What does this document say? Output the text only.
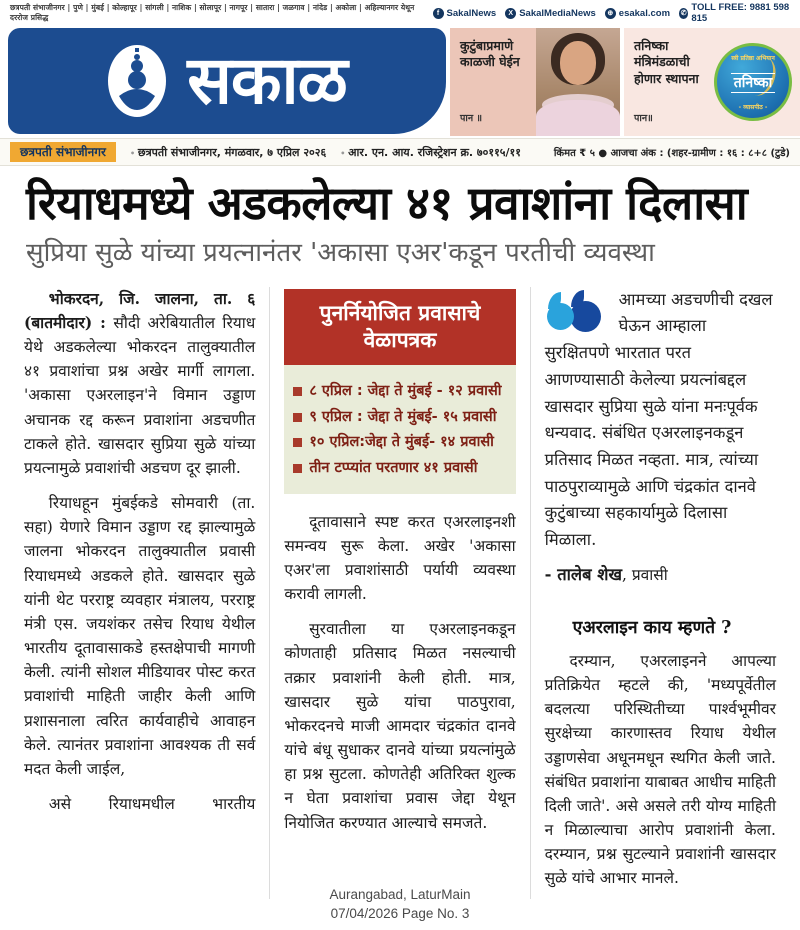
छत्रपती संभाजीनगर | पुणे | मुंबई | कोल्हापूर | सांगली | नाशिक | सोलापूर | नागपूर | सातारा | जळगाव | नांदेड | अकोला | अहिल्यानगर येथून दररोज प्रसिद्ध	f SakalNews	X SakalMediaNews	⊕ esakal.com ✆ TOLL FREE: 9881 598 815
सकाळ	कुटुंबाप्रमाणे काळजी घेईन
पान ॥
तनिष्का मंत्रिमंडळाची होणार स्थापना
पान॥
स्त्री प्रतिष्ठा अभियान
तनिष्का
- व्यासपीठ -
छत्रपती संभाजीनगर	• छत्रपती संभाजीनगर, मंगळवार, ७ एप्रिल २०२६	• आर. एन. आय. रजिस्ट्रेशन क्र. ७०११५/११	किंमत ₹ ५ ● आजचा अंक : (शहर-ग्रामीण : १६ : ८+८ (टुडे)
रियाधमध्ये अडकलेल्या ४१ प्रवाशांना दिलासा
सुप्रिया सुळे यांच्या प्रयत्नानंतर 'अकासा एअर'कडून परतीची व्यवस्था

भोकरदन, जि. जालना, ता. ६ (बातमीदार) : सौदी अरेबियातील रियाध येथे अडकलेल्या भोकरदन तालुक्यातील ४१ प्रवाशांचा प्रश्न अखेर मार्गी लागला. 'अकासा एअरलाइन'ने विमान उड्डाण अचानक रद्द करून प्रवाशांना अडचणीत टाकले होते. खासदार सुप्रिया सुळे यांच्या प्रयत्नामुळे प्रवाशांची अडचण दूर झाली.

रियाधहून मुंबईकडे सोमवारी (ता. सहा) येणारे विमान उड्डाण रद्द झाल्यामुळे जालना भोकरदन तालुक्यातील प्रवासी रियाधमध्ये अडकले होते. खासदार सुळे यांनी थेट परराष्ट्र व्यवहार मंत्रालय, परराष्ट्र मंत्री एस. जयशंकर तसेच रियाध येथील भारतीय दूतावासाकडे हस्तक्षेपाची मागणी केली. त्यांनी सोशल मीडियावर पोस्ट करत प्रवाशांची माहिती जाहीर केली आणि प्रशासनाला त्वरित कार्यवाहीचे आवाहन केले. त्यानंतर प्रवाशांना आवश्यक ती सर्व मदत केली जाईल,

असे रियाधमधील भारतीय

पुनर्नियोजित प्रवासाचे वेळापत्रक
८ एप्रिल : जेद्दा ते मुंबई - १२ प्रवासी
९ एप्रिल : जेद्दा ते मुंबई- १५ प्रवासी
१० एप्रिल:जेद्दा ते मुंबई- १४ प्रवासी
तीन टप्प्यांत परतणार ४१ प्रवासी

दूतावासाने स्पष्ट करत एअरलाइनशी समन्वय सुरू केला. अखेर 'अकासा एअर'ला प्रवाशांसाठी पर्यायी व्यवस्था करावी लागली.

सुरवातीला या एअरलाइनकडून कोणताही प्रतिसाद मिळत नसल्याची तक्रार प्रवाशांनी केली होती. मात्र, खासदार सुळे यांचा पाठपुरावा, भोकरदनचे माजी आमदार चंद्रकांत दानवे यांचे बंधू सुधाकर दानवे यांच्या प्रयत्नांमुळे हा प्रश्न सुटला. कोणतेही अतिरिक्त शुल्क न घेता प्रवाशांचा प्रवास जेद्दा येथून नियोजित करण्यात आल्याचे समजते.

आमच्या अडचणीची दखल घेऊन आम्हाला सुरक्षितपणे भारतात परत आणण्यासाठी केलेल्या प्रयत्नांबद्दल खासदार सुप्रिया सुळे यांना मनःपूर्वक धन्यवाद. संबंधित एअरलाइनकडून प्रतिसाद मिळत नव्हता. मात्र, त्यांच्या पाठपुराव्यामुळे आणि चंद्रकांत दानवे कुटुंबाच्या सहकार्यामुळे दिलासा मिळाला.
- तालेब शेख, प्रवासी
एअरलाइन काय म्हणते ?

दरम्यान, एअरलाइनने आपल्या प्रतिक्रियेत म्हटले की, 'मध्यपूर्वेतील बदलत्या परिस्थितीच्या पार्श्वभूमीवर सुरक्षेच्या कारणास्तव रियाध येथील उड्डाणसेवा अधूनमधून स्थगित केली जाते. संबंधित प्रवाशांना याबाबत आधीच माहिती दिली जाते'. असे असले तरी योग्य माहिती न मिळाल्याचा आरोप प्रवाशांनी केला. दरम्यान, प्रश्न सुटल्याने प्रवाशांनी खासदार सुळे यांचे आभार मानले.

Aurangabad, LaturMain
07/04/2026 Page No. 3
